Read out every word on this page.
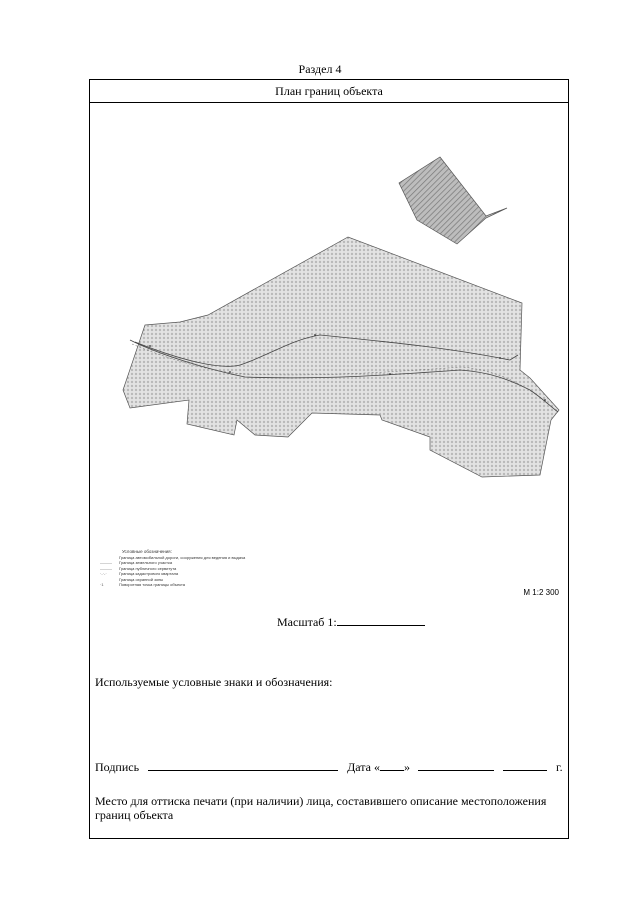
Раздел 4
План границ объекта
Условные обозначения:
Граница автомобильной дороги, сооружения для ведения и выдача
———	Граница земельного участка
———	Граница публичного сервитута
·-·-·	Граница кадастрового квартала
Граница охранной зоны
·1	Поворотная точка границы объекта
М 1:2 300
Масштаб 1:
Используемые условные знаки и обозначения:
Подпись	Дата « »	г.
Место для оттиска печати (при наличии) лица, составившего описание местоположения границ объекта
